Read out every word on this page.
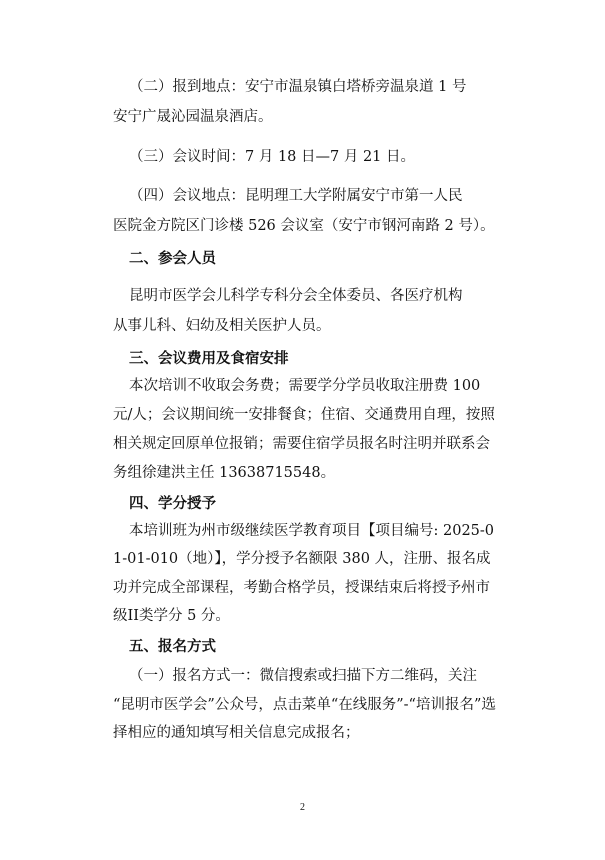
（二）报到地点：安宁市温泉镇白塔桥旁温泉道 1 号
安宁广晟沁园温泉酒店。
（三）会议时间：7 月 18 日—7 月 21 日。
（四）会议地点：昆明理工大学附属安宁市第一人民
医院金方院区门诊楼 526 会议室（安宁市钢河南路 2 号）。
二、参会人员
昆明市医学会儿科学专科分会全体委员、各医疗机构
从事儿科、妇幼及相关医护人员。
三、会议费用及食宿安排
本次培训不收取会务费；需要学分学员收取注册费 100
元/人；会议期间统一安排餐食；住宿、交通费用自理，按照
相关规定回原单位报销；需要住宿学员报名时注明并联系会
务组徐建洪主任 13638715548。
四、学分授予
本培训班为州市级继续医学教育项目【项目编号: 2025-0
1-01-010（地）】，学分授予名额限 380 人，注册、报名成
功并完成全部课程，考勤合格学员，授课结束后将授予州市
级II类学分 5 分。
五、报名方式
（一）报名方式一：微信搜索或扫描下方二维码，关注
“昆明市医学会”公众号，点击菜单“在线服务”-“培训报名”选
择相应的通知填写相关信息完成报名；
2
